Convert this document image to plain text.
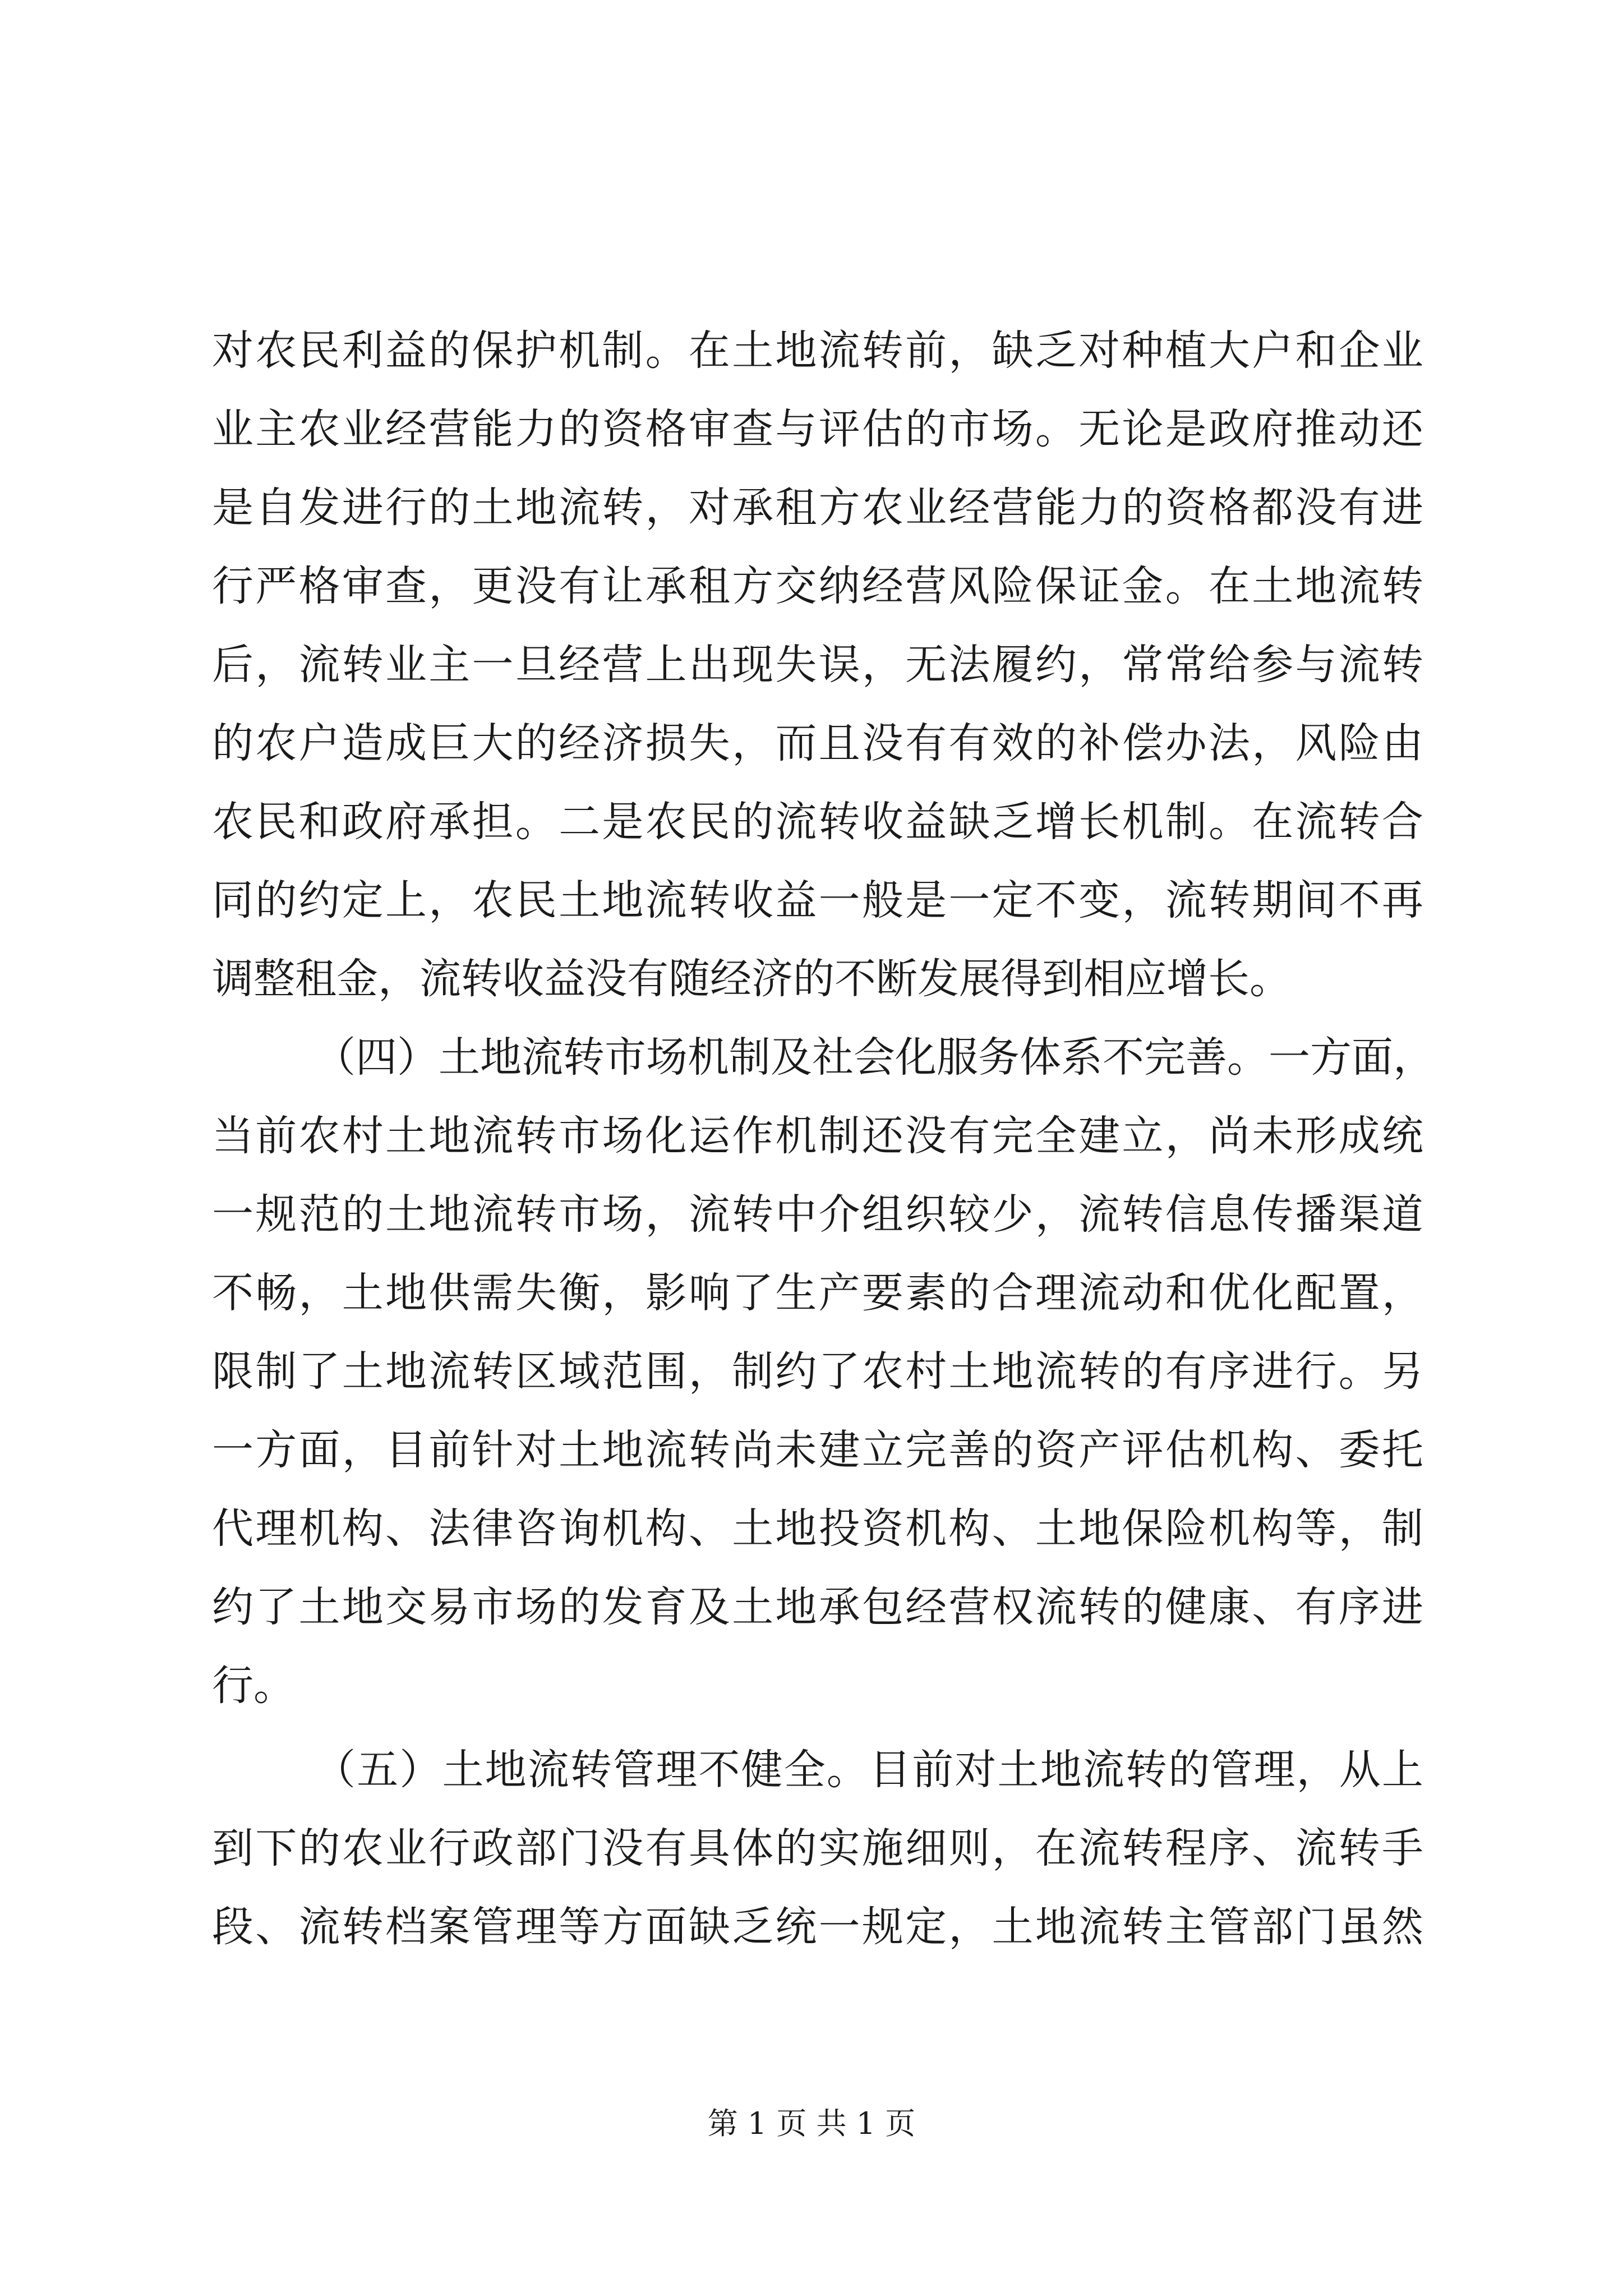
对农民利益的保护机制。在土地流转前，缺乏对种植大户和企业
业主农业经营能力的资格审查与评估的市场。无论是政府推动还
是自发进行的土地流转，对承租方农业经营能力的资格都没有进
行严格审查，更没有让承租方交纳经营风险保证金。在土地流转
后，流转业主一旦经营上出现失误，无法履约，常常给参与流转
的农户造成巨大的经济损失，而且没有有效的补偿办法，风险由
农民和政府承担。二是农民的流转收益缺乏增长机制。在流转合
同的约定上，农民土地流转收益一般是一定不变，流转期间不再
调整租金，流转收益没有随经济的不断发展得到相应增长。
（四）土地流转市场机制及社会化服务体系不完善。一方面，
当前农村土地流转市场化运作机制还没有完全建立，尚未形成统
一规范的土地流转市场，流转中介组织较少，流转信息传播渠道
不畅，土地供需失衡，影响了生产要素的合理流动和优化配置，
限制了土地流转区域范围，制约了农村土地流转的有序进行。另
一方面，目前针对土地流转尚未建立完善的资产评估机构、委托
代理机构、法律咨询机构、土地投资机构、土地保险机构等，制
约了土地交易市场的发育及土地承包经营权流转的健康、有序进
行。
（五）土地流转管理不健全。目前对土地流转的管理，从上
到下的农业行政部门没有具体的实施细则，在流转程序、流转手
段、流转档案管理等方面缺乏统一规定，土地流转主管部门虽然
第 1 页 共 1 页
